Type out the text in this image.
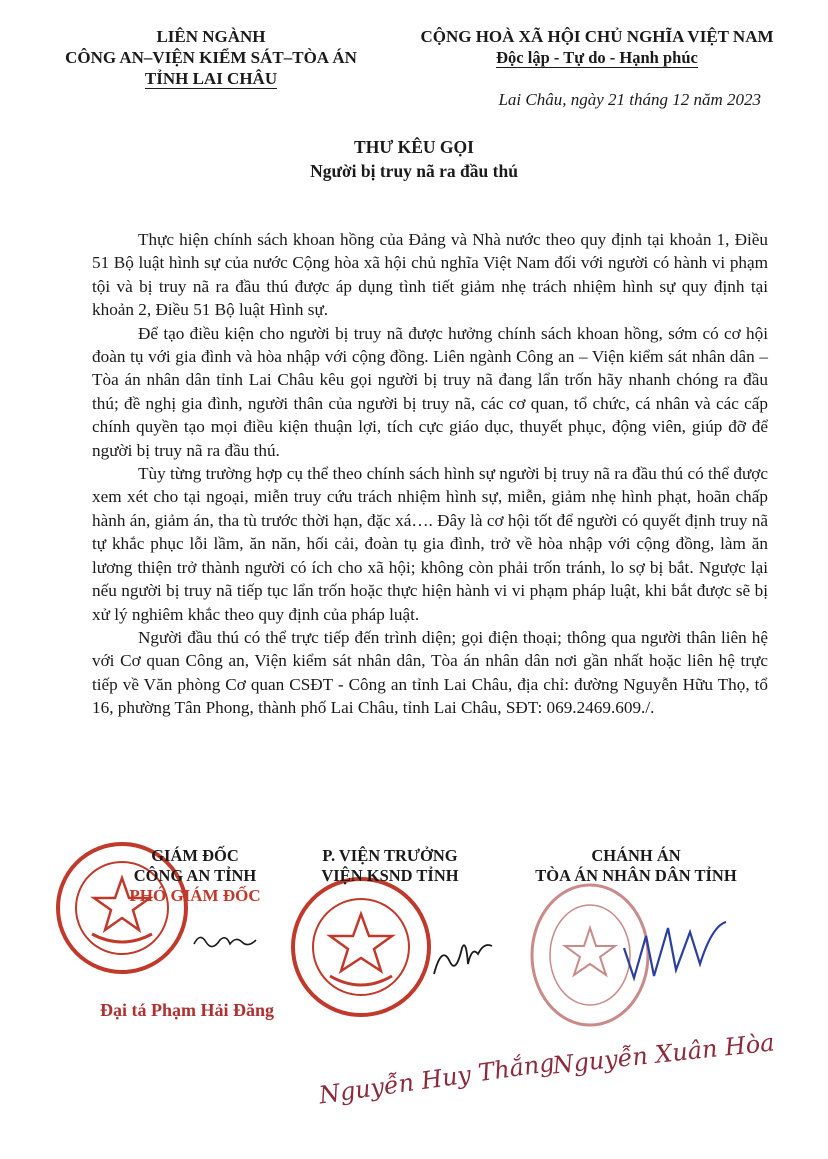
LIÊN NGÀNH
CÔNG AN–VIỆN KIỂM SÁT–TÒA ÁN
TỈNH LAI CHÂU
CỘNG HOÀ XÃ HỘI CHỦ NGHĨA VIỆT NAM
Độc lập - Tự do - Hạnh phúc
Lai Châu, ngày 21 tháng 12 năm 2023
THƯ KÊU GỌI
Người bị truy nã ra đầu thú

Thực hiện chính sách khoan hồng của Đảng và Nhà nước theo quy định tại khoản 1, Điều 51 Bộ luật hình sự của nước Cộng hòa xã hội chủ nghĩa Việt Nam đối với người có hành vi phạm tội và bị truy nã ra đầu thú được áp dụng tình tiết giảm nhẹ trách nhiệm hình sự quy định tại khoản 2, Điều 51 Bộ luật Hình sự.

Để tạo điều kiện cho người bị truy nã được hưởng chính sách khoan hồng, sớm có cơ hội đoàn tụ với gia đình và hòa nhập với cộng đồng. Liên ngành Công an – Viện kiểm sát nhân dân – Tòa án nhân dân tỉnh Lai Châu kêu gọi người bị truy nã đang lẩn trốn hãy nhanh chóng ra đầu thú; đề nghị gia đình, người thân của người bị truy nã, các cơ quan, tổ chức, cá nhân và các cấp chính quyền tạo mọi điều kiện thuận lợi, tích cực giáo dục, thuyết phục, động viên, giúp đỡ để người bị truy nã ra đầu thú.

Tùy từng trường hợp cụ thể theo chính sách hình sự người bị truy nã ra đầu thú có thể được xem xét cho tại ngoại, miễn truy cứu trách nhiệm hình sự, miễn, giảm nhẹ hình phạt, hoãn chấp hành án, giảm án, tha tù trước thời hạn, đặc xá…. Đây là cơ hội tốt để người có quyết định truy nã tự khắc phục lỗi lầm, ăn năn, hối cải, đoàn tụ gia đình, trở về hòa nhập với cộng đồng, làm ăn lương thiện trở thành người có ích cho xã hội; không còn phải trốn tránh, lo sợ bị bắt. Ngược lại nếu người bị truy nã tiếp tục lẩn trốn hoặc thực hiện hành vi vi phạm pháp luật, khi bắt được sẽ bị xử lý nghiêm khắc theo quy định của pháp luật.

Người đầu thú có thể trực tiếp đến trình diện; gọi điện thoại; thông qua người thân liên hệ với Cơ quan Công an, Viện kiểm sát nhân dân, Tòa án nhân dân nơi gần nhất hoặc liên hệ trực tiếp về Văn phòng Cơ quan CSĐT - Công an tỉnh Lai Châu, địa chỉ: đường Nguyễn Hữu Thọ, tổ 16, phường Tân Phong, thành phố Lai Châu, tỉnh Lai Châu, SĐT: 069.2469.609./.

GIÁM ĐỐC
CÔNG AN TỈNH
PHÓ GIÁM ĐỐC
P. VIỆN TRƯỞNG
VIỆN KSND TỈNH
CHÁNH ÁN
TÒA ÁN NHÂN DÂN TỈNH
Đại tá Phạm Hải Đăng
Nguyễn Huy Thắng
Nguyễn Xuân Hòa
